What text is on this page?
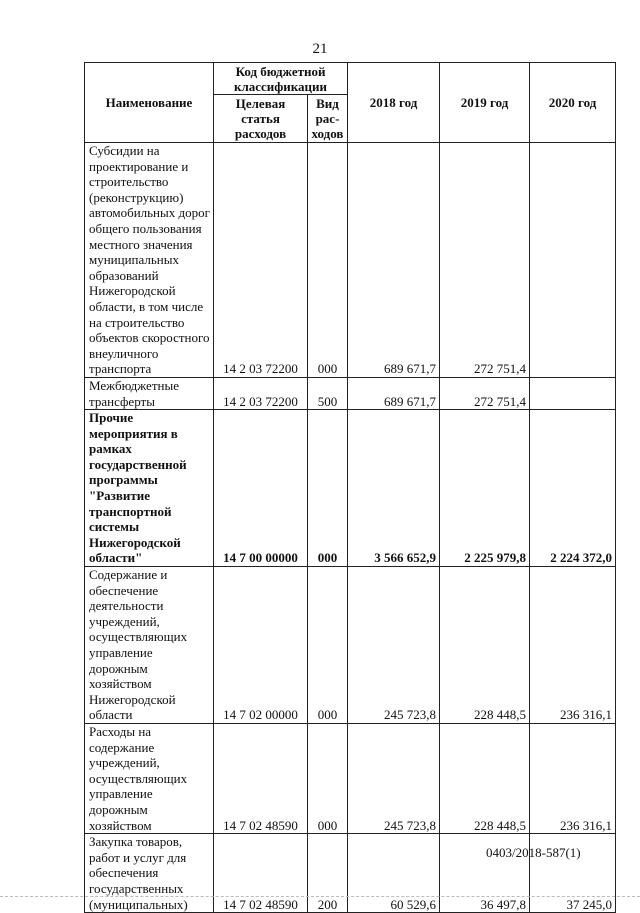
21
Наименование	Код бюджетной классификации		2018 год	2019 год	2020 год
	Целевая статья расходов	Вид рас-ходов			
Субсидии на проектирование и строительство (реконструкцию) автомобильных дорог общего пользования местного значения муниципальных образований Нижегородской области, в том числе на строительство объектов скоростного внеуличного транспорта	14 2 03 72200	000	689 671,7	272 751,4	
Межбюджетные трансферты	14 2 03 72200	500	689 671,7	272 751,4	
Прочие мероприятия в рамках государственной программы "Развитие транспортной системы Нижегородской области"	14 7 00 00000	000	3 566 652,9	2 225 979,8	2 224 372,0
Содержание и обеспечение деятельности учреждений, осуществляющих управление дорожным хозяйством Нижегородской области	14 7 02 00000	000	245 723,8	228 448,5	236 316,1
Расходы на содержание учреждений, осуществляющих управление дорожным хозяйством	14 7 02 48590	000	245 723,8	228 448,5	236 316,1
Закупка товаров, работ и услуг для обеспечения государственных (муниципальных)	14 7 02 48590	200	60 529,6	36 497,8	37 245,0
0403/2018-587(1)
